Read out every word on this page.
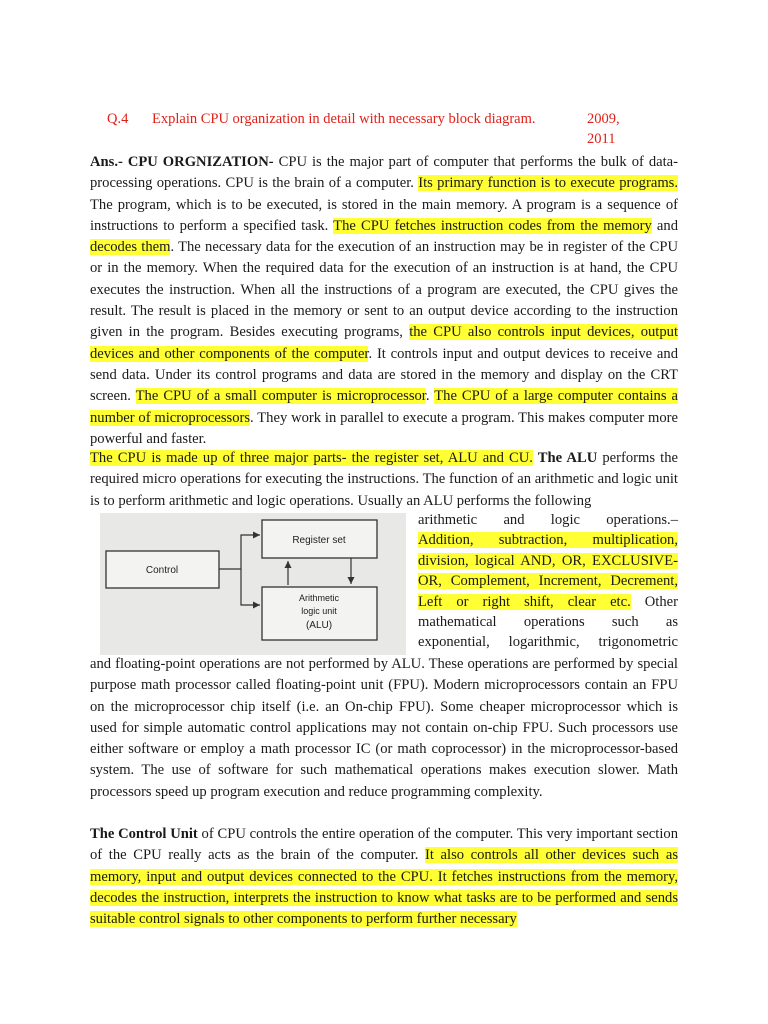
Q.4 Explain CPU organization in detail with necessary block diagram.	2009,
2011

Ans.- CPU ORGNIZATION- CPU is the major part of computer that performs the bulk of data-processing operations. CPU is the brain of a computer. Its primary function is to execute programs. The program, which is to be executed, is stored in the main memory. A program is a sequence of instructions to perform a specified task. The CPU fetches instruction codes from the memory and decodes them. The necessary data for the execution of an instruction may be in register of the CPU or in the memory. When the required data for the execution of an instruction is at hand, the CPU executes the instruction. When all the instructions of a program are executed, the CPU gives the result. The result is placed in the memory or sent to an output device according to the instruction given in the program. Besides executing programs, the CPU also controls input devices, output devices and other components of the computer. It controls input and output devices to receive and send data. Under its control programs and data are stored in the memory and display on the CRT screen. The CPU of a small computer is microprocessor. The CPU of a large computer contains a number of microprocessors. They work in parallel to execute a program. This makes computer more powerful and faster.

The CPU is made up of three major parts- the register set, ALU and CU. The ALU performs the required micro operations for executing the instructions. The function of an arithmetic and logic unit is to perform arithmetic and logic operations. Usually an ALU performs the following

Control
Register set
Arithmetic
logic unit
(ALU)
arithmetic and logic operations.–
Addition, subtraction, multiplication,
division, logical AND, OR, EXCLUSIVE-
OR, Complement, Increment, Decrement,
Left or right shift, clear etc. Other
mathematical operations such as
exponential, logarithmic, trigonometric

and floating-point operations are not performed by ALU. These operations are performed by special purpose math processor called floating-point unit (FPU). Modern microprocessors contain an FPU on the microprocessor chip itself (i.e. an On-chip FPU). Some cheaper microprocessor which is used for simple automatic control applications may not contain on-chip FPU. Such processors use either software or employ a math processor IC (or math coprocessor) in the microprocessor-based system. The use of software for such mathematical operations makes execution slower. Math processors speed up program execution and reduce programming complexity.

The Control Unit of CPU controls the entire operation of the computer. This very important section of the CPU really acts as the brain of the computer. It also controls all other devices such as memory, input and output devices connected to the CPU. It fetches instructions from the memory, decodes the instruction, interprets the instruction to know what tasks are to be performed and sends suitable control signals to other components to perform further necessary
